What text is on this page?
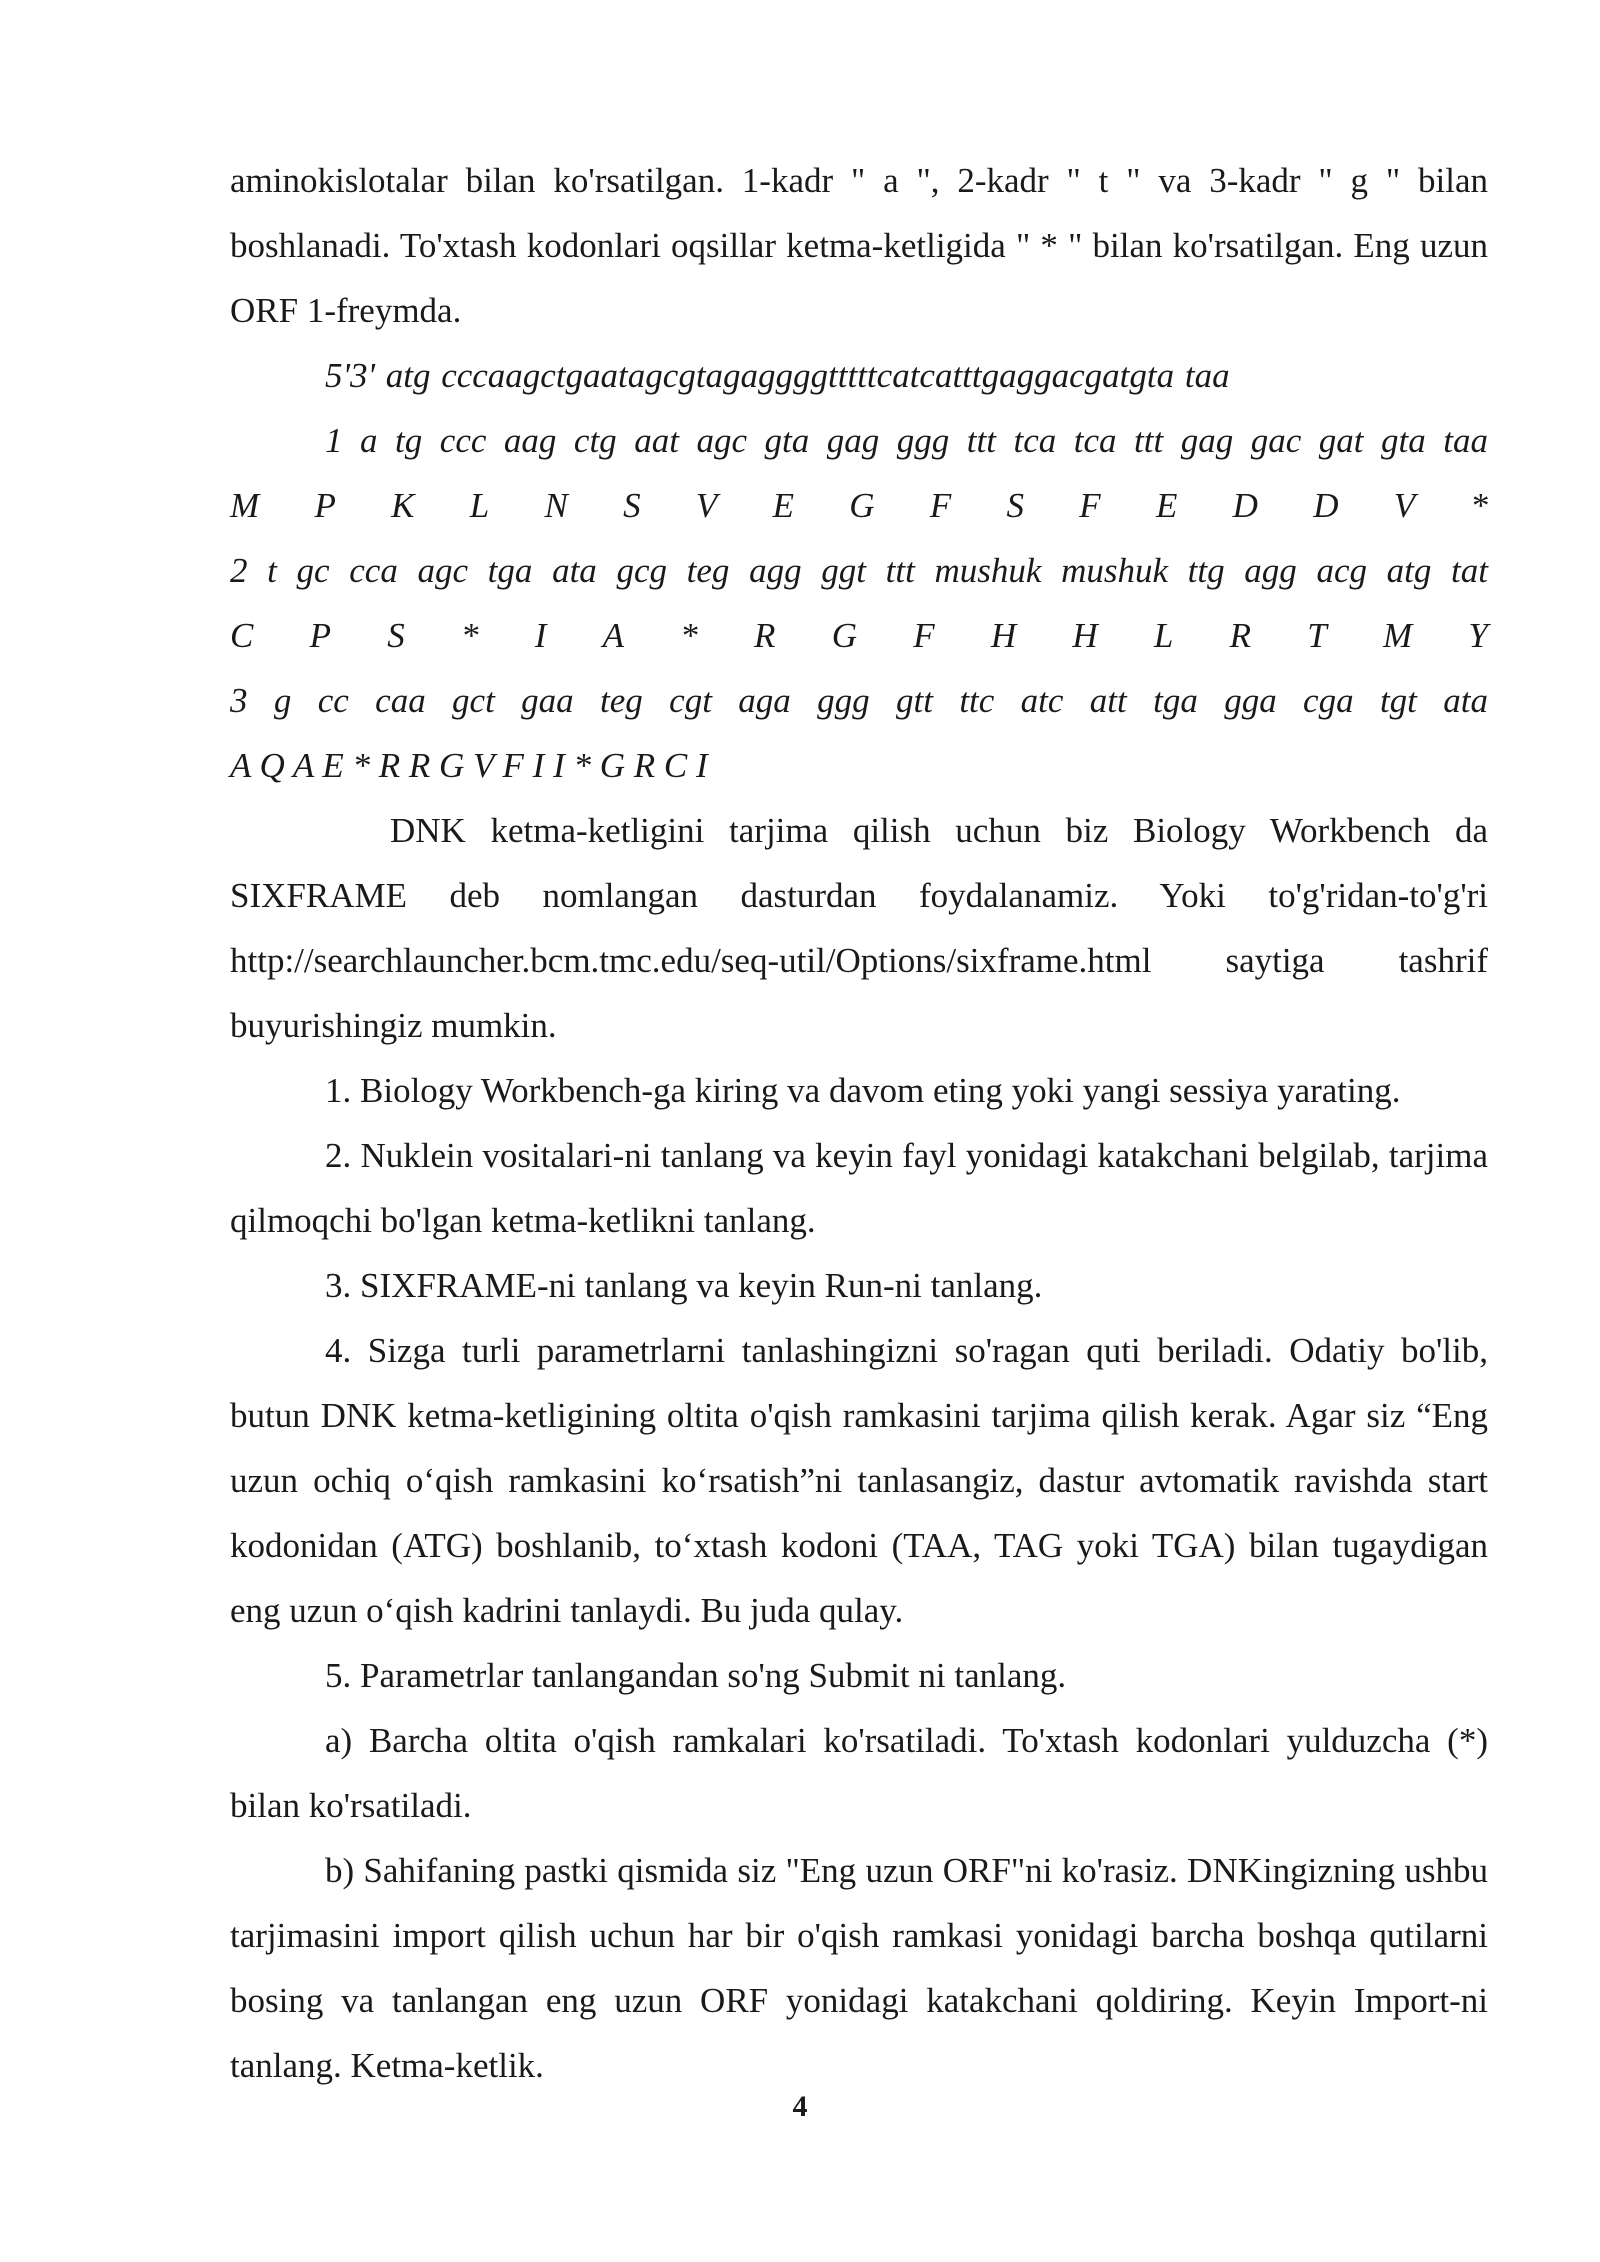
aminokislotalar bilan ko'rsatilgan. 1-kadr " a ", 2-kadr " t " va 3-kadr " g " bilan boshlanadi. To'xtash kodonlari oqsillar ketma-ketligida " * " bilan ko'rsatilgan. Eng uzun ORF 1-freymda.

5'3' atg cccaagctgaatagcgtagaggggtttttcatcatttgaggacgatgta taa

1 a tg ccc aag ctg aat agc gta gag ggg ttt tca tca ttt gag gac gat gta taa

M P K L N S V E G F S F E D D V *

2 t gc cca agc tga ata gcg teg agg ggt ttt mushuk mushuk ttg agg acg atg tat

C P S * I A * R G F H H L R T M Y

3 g cc caa gct gaa teg cgt aga ggg gtt ttc atc att tga gga cga tgt ata

A Q A E * R R G V F I I * G R C I

DNK ketma-ketligini tarjima qilish uchun biz Biology Workbench da SIXFRAME deb nomlangan dasturdan foydalanamiz. Yoki to'g'ridan-to'g'ri http://searchlauncher.bcm.tmc.edu/seq-util/Options/sixframe.html saytiga tashrif buyurishingiz mumkin.

1. Biology Workbench-ga kiring va davom eting yoki yangi sessiya yarating.

2. Nuklein vositalari-ni tanlang va keyin fayl yonidagi katakchani belgilab, tarjima qilmoqchi bo'lgan ketma-ketlikni tanlang.

3. SIXFRAME-ni tanlang va keyin Run-ni tanlang.

4. Sizga turli parametrlarni tanlashingizni so'ragan quti beriladi. Odatiy bo'lib, butun DNK ketma-ketligining oltita o'qish ramkasini tarjima qilish kerak. Agar siz “Eng uzun ochiq o‘qish ramkasini ko‘rsatish”ni tanlasangiz, dastur avtomatik ravishda start kodonidan (ATG) boshlanib, to‘xtash kodoni (TAA, TAG yoki TGA) bilan tugaydigan eng uzun o‘qish kadrini tanlaydi. Bu juda qulay.

5. Parametrlar tanlangandan so'ng Submit ni tanlang.

a) Barcha oltita o'qish ramkalari ko'rsatiladi. To'xtash kodonlari yulduzcha (*) bilan ko'rsatiladi.

b) Sahifaning pastki qismida siz "Eng uzun ORF"ni ko'rasiz. DNKingizning ushbu tarjimasini import qilish uchun har bir o'qish ramkasi yonidagi barcha boshqa qutilarni bosing va tanlangan eng uzun ORF yonidagi katakchani qoldiring. Keyin Import-ni tanlang. Ketma-ketlik.

4
